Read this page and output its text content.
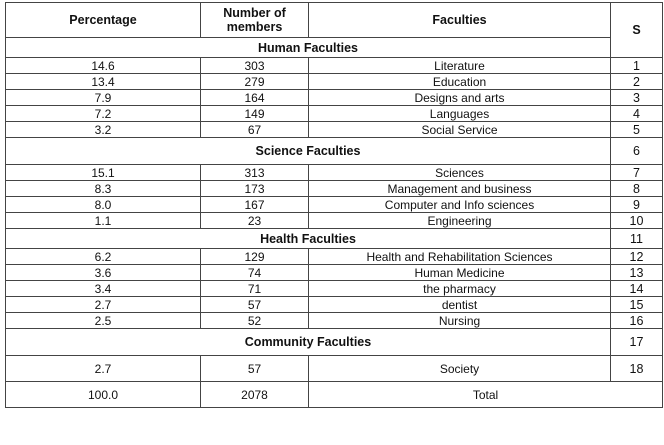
Percentage	Number of members	Faculties	S
Human Faculties			
14.6	303	Literature	1
13.4	279	Education	2
7.9	164	Designs and arts	3
7.2	149	Languages	4
3.2	67	Social Service	5
Science Faculties			6
15.1	313	Sciences	7
8.3	173	Management and business	8
8.0	167	Computer and Info sciences	9
1.1	23	Engineering	10
Health Faculties			11
6.2	129	Health and Rehabilitation Sciences	12
3.6	74	Human Medicine	13
3.4	71	the pharmacy	14
2.7	57	dentist	15
2.5	52	Nursing	16
Community Faculties			17
2.7	57	Society	18
100.0	2078	Total	
